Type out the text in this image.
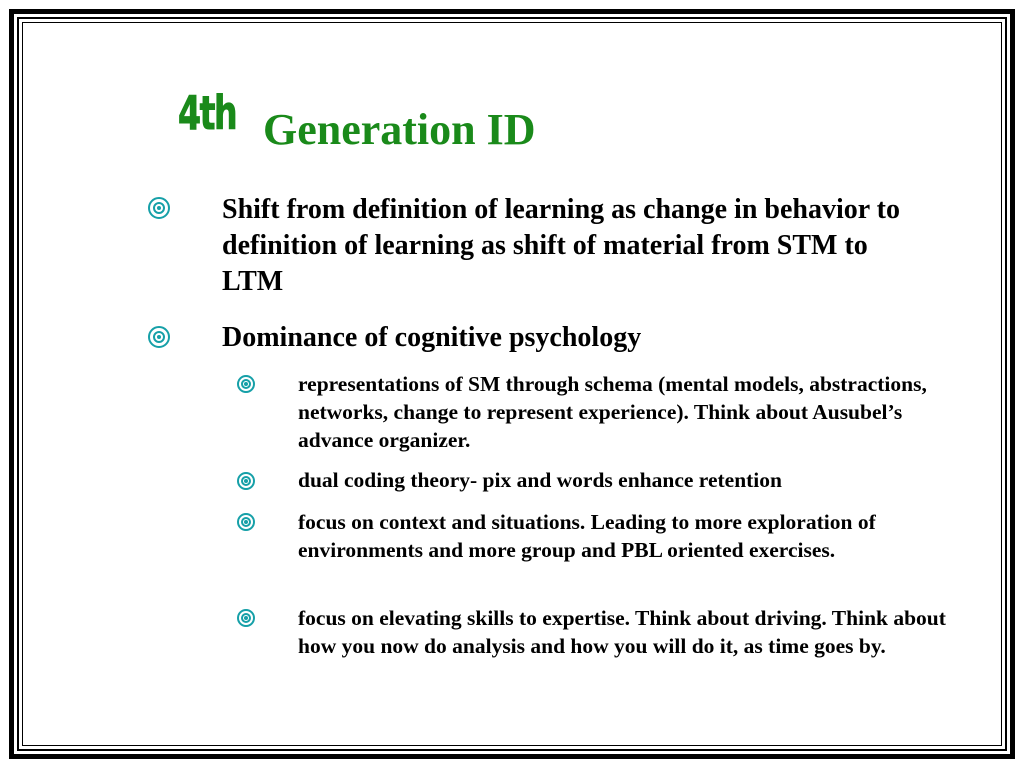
4th Generation ID
Shift from definition of learning as change in behavior to definition of learning as shift of material from STM to LTM
Dominance of cognitive psychology
representations of SM through schema (mental models, abstractions, networks, change to represent experience). Think about Ausubel’s advance organizer.
dual coding theory- pix and words enhance retention
focus on context and situations. Leading to more exploration of environments and more group and PBL oriented exercises.
focus on elevating skills to expertise. Think about driving. Think about how you now do analysis and how you will do it, as time goes by.
